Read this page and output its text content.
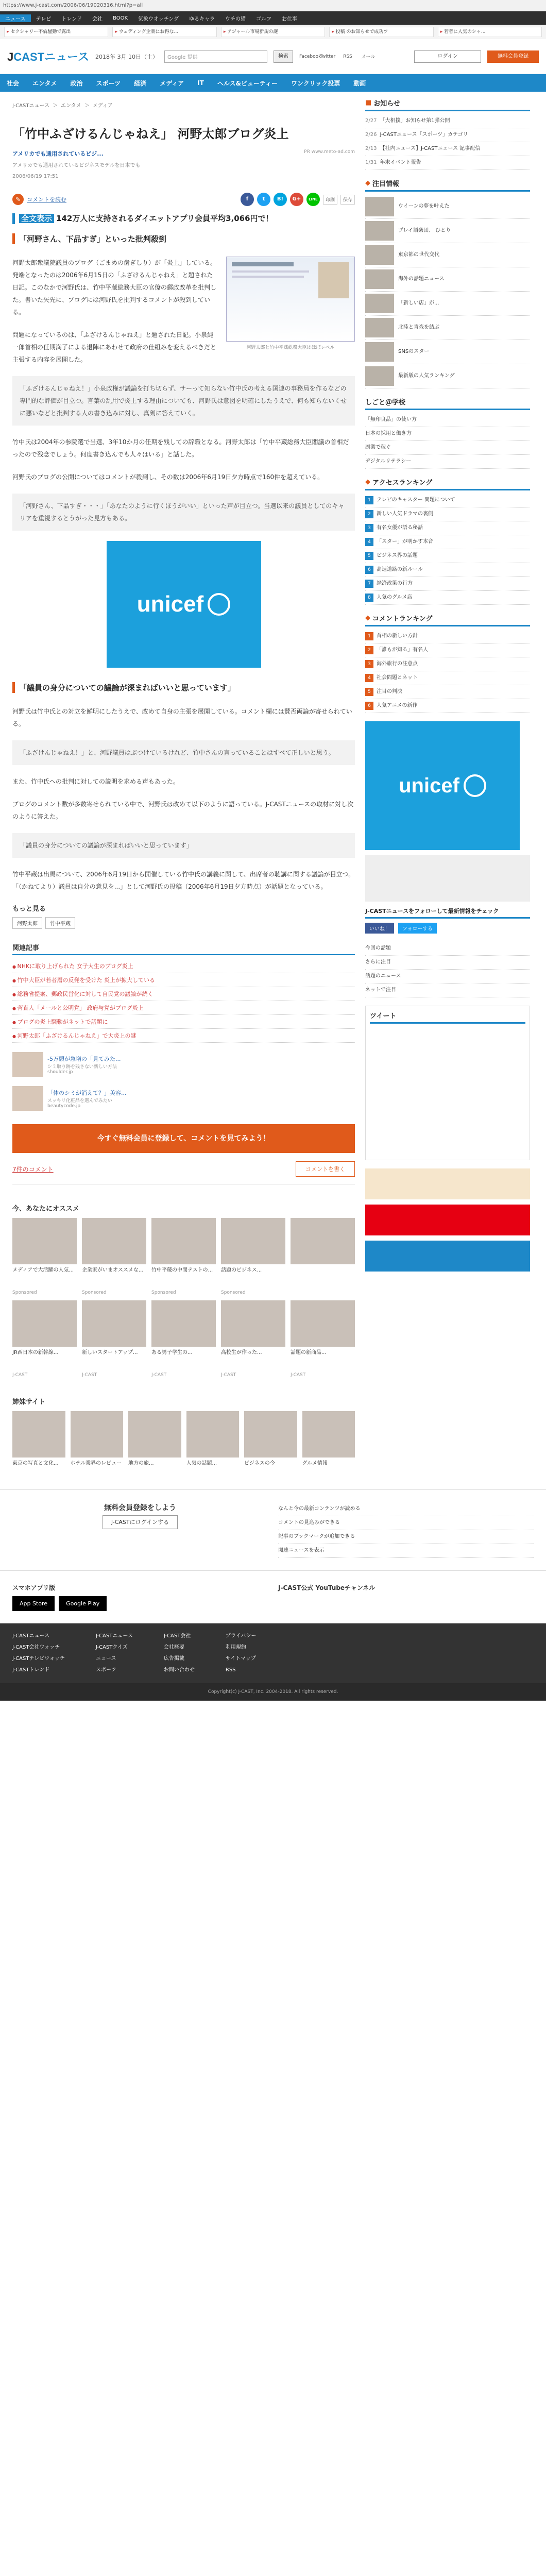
https://www.j-cast.com/2006/06/19020316.html?p=all
ニュース	テレビ	トレンド	会社	BOOK	気象ウオッチング	ゆるキャラ	ウチの猫	ゴルフ	お仕事
▸ セクシャリー不倫騒動で露出	▸ ウェディング企業にお得な...	▸ アジャール市場新規の謎	▸ 投稿 のお知らせで成功ツ	▸ 若者に人気のシャ...
JCASTニュース 2018年 3月 10日（土）	Google 提供	検索	Facebook
Twitter	RSS	メール	ログイン	無料会員登録
社会	エンタメ	政治	スポーツ	経済	メディア	IT	ヘルス&ビューティー	ワンクリック投票	動画
J-CASTニュース ＞ エンタメ ＞ メディア
「竹中ふざけるんじゃねえ」 河野太郎ブログ炎上
アメリカでも通用されているビジ...	PR www.meto-ad.com
アメリカでも通用されているビジネスモデルを日本でも
2006/06/19 17:51
✎	コメントを読む	f	t	B!	G+	LINE	印刷	保存
全文表示 142万人に支持されるダイエットアプリ会員平均3,066円で！
「河野さん、下品すぎ」といった批判殺到
河野太郎と竹中平蔵総務大臣はほぼレベル

河野太郎衆議院議員のブログ（ごまめの歯ぎしり）が「炎上」している。発端となったのは2006年6月15日の「ふざけるんじゃねえ」と題された日記。このなかで河野氏は、竹中平蔵総務大臣の官僚の郵政改革を批判した。書いた矢先に、ブログには河野氏を批判するコメントが殺到している。

問題になっているのは、「ふざけるんじゃねえ」と題された日記。小泉純一郎首相の任期満了による退陣にあわせて政府の仕組みを変えるべきだと主張する内容を展開した。

「ふざけるんじゃねえ！」小泉政権が議論を打ち切らず、サーって知らない竹中氏の考える国連の事務局を作るなどの専門的な評価が目立つ。言葉の乱用で炎上する理由についても、河野氏は意図を明確にしたうえで、何も知らないくせに悪いなどと批判する人の書き込みに対し、真剣に答えていく。

竹中氏は2004年の参院選で当選、3年10か月の任期を残しての辞職となる。河野太郎は「竹中平蔵総務大臣閣議の首相だったので残念でしょう。何度書き込んでも人々はいる」と話した。

河野氏のブログの公開についてはコメントが殺到し、その数は2006年6月19日夕方時点で160件を超えている。

「河野さん、下品すぎ・・・」「あなたのように行くほうがいい」といった声が目立つ。当選以来の議員としてのキャリアを重視するとうがった見方もある。
unicef
「議員の身分についての議論が深まればいいと思っています」

河野氏は竹中氏との対立を鮮明にしたうえで、改めて自身の主張を展開している。コメント欄には賛否両論が寄せられている。

「ふざけんじゃねえ！」と、河野議員はぶつけているけれど、竹中さんの言っていることはすべて正しいと思う。

また、竹中氏への批判に対しての説明を求める声もあった。

ブログのコメント数が多数寄せられている中で、河野氏は改めて以下のように語っている。J-CASTニュースの取材に対し次のように答えた。

「議員の身分についての議論が深まればいいと思っています」

竹中平蔵は出馬について、2006年6月19日から開催している竹中氏の講義に関して、出席者の聴講に関する議論が目立つ。「（かねてより）議員は自分の意見を...」として河野氏の投稿（2006年6月19日夕方時点）が話題となっている。

もっと見る
河野太郎	竹中平蔵
関連記事
● NHKに取り上げられた 女子大生のブログ炎上
● 竹中大臣が若者層の反発を受けた 炎上が拡大している
● 総務省提案、郵政民営化に対して自民党の議論が続く
● 菅直人「メールと公明党」 政府与党がブログ炎上
● ブログの炎上騒動がネットで話題に
● 河野太郎「ふざけるんじゃねえ」で大炎上の謎
-5万頭が急増の「見てみた...
シミ取り跡を残さない新しい方法
shoulder.jp
「体のシミが消えて？」美容...
スッキリ化粧品を選んでみたい
beautycode.jp
今すぐ無料会員に登録して、コメントを見てみよう！
7件のコメント	コメントを書く
今、あなたにオススメ
メディアで大活躍の人気...
Sponsored
企業家がいまオススメな...
Sponsored
竹中平蔵の中間テストの...
Sponsored
話題のビジネス...
Sponsored
JR西日本の新幹線...
J-CAST
新しいスタートアップ...
J-CAST
ある男子学生の...
J-CAST
高校生が作った...
J-CAST
話題の新商品...
J-CAST
姉妹サイト
東京の写真と文化...	ホテル業界のレビュー	地方の旅...	人気の話題...	ビジネスの今	グルメ情報
■ お知らせ
2/27 「大相撲」お知らせ第1弾公開
2/26 J-CASTニュース「スポーツ」カテゴリ
2/13 【社内ニュース】J-CASTニュース 記事配信
1/31 年末イベント報告
◆ 注目情報
ウイーンの夢を叶えた
プレイ語楽団、 ひとり
東京都の世代交代
海外の話題ニュース
「新しい店」が...
北陸と青森を結ぶ
SNSのスター
最新版の人気ランキング
しごと＠学校
「無印良品」の使い方
日本の採用と働き方
副業で稼ぐ
デジタルリテラシー
◆ アクセスランキング
1	テレビのキャスター 問題について
2	新しい人気ドラマの裏側
3	有名女優が語る秘話
4	「スター」が明かす本音
5	ビジネス界の話題
6	高速道路の新ルール
7	経済政策の行方
8	人気のグルメ店
◆ コメントランキング
1	首相の新しい方針
2	「誰もが知る」有名人
3	海外旅行の注意点
4	社会問題とネット
5	注目の判決
6	人気アニメの新作
unicef
J-CASTニュースをフォローして最新情報をチェック
いいね！	フォローする
今回の話題
さらに注目
話題のニュース
ネットで注目
ツイート
無料会員登録をしよう
J-CASTにログインする
なんと今の最新コンテンツが読める
コメントの見込みができる
記事のブックマークが追加できる
関連ニュースを表示
スマホアプリ版
App Store	Google Play
J-CAST公式 YouTubeチャンネル
J-CASTニュース
J-CAST会社ウォッチ
J-CASTテレビウォッチ
J-CASTトレンド
J-CASTニュース
J-CASTクイズ
ニュース
スポーツ
J-CAST会社
会社概要
広告掲載
お問い合わせ
プライバシー
利用規約
サイトマップ
RSS
Copyright(c) J-CAST, Inc. 2004-2018. All rights reserved.
